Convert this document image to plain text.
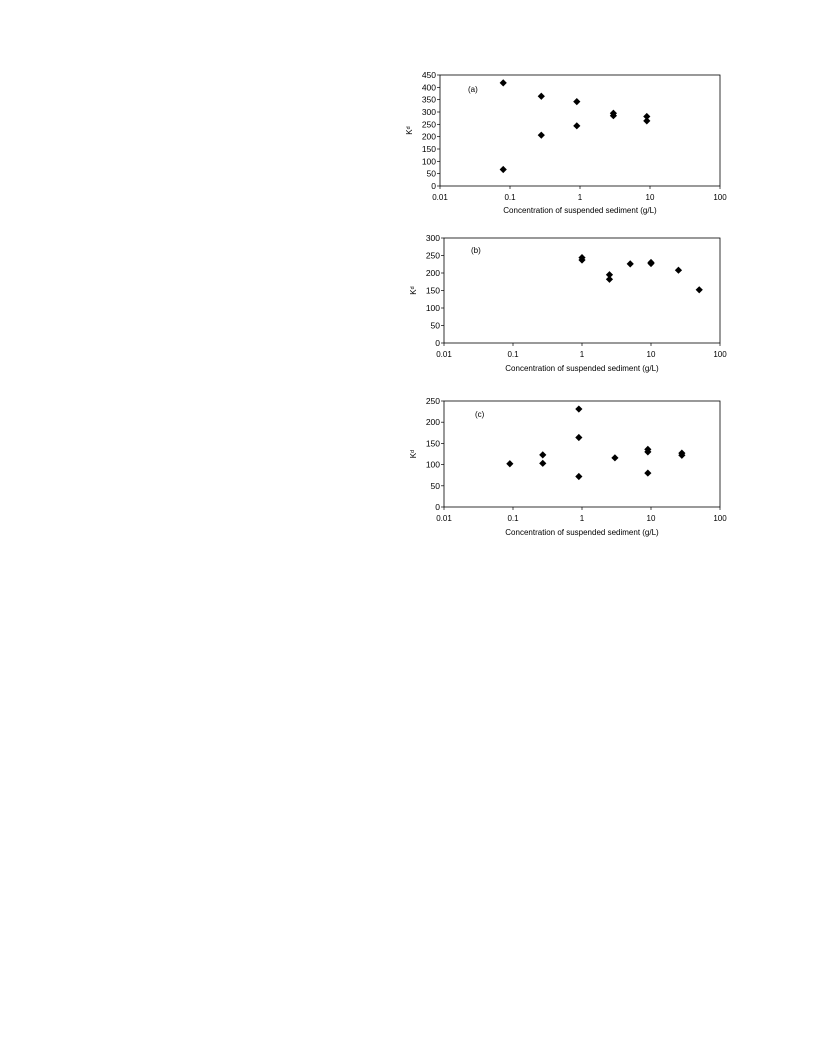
0
50
100
150
200
250
300
350
400
450
0.01	0.1	1	10	100
Concentration of suspended sediment (g/L)
Kᵈ
(a)
0
50
100
150
200
250
300
0.01	0.1	1	10	100
Concentration of suspended sediment (g/L)
Kᵈ
(b)
0
50
100
150
200
250
0.01	0.1	1	10	100
Concentration of suspended sediment (g/L)
Kᵈ
(c)
